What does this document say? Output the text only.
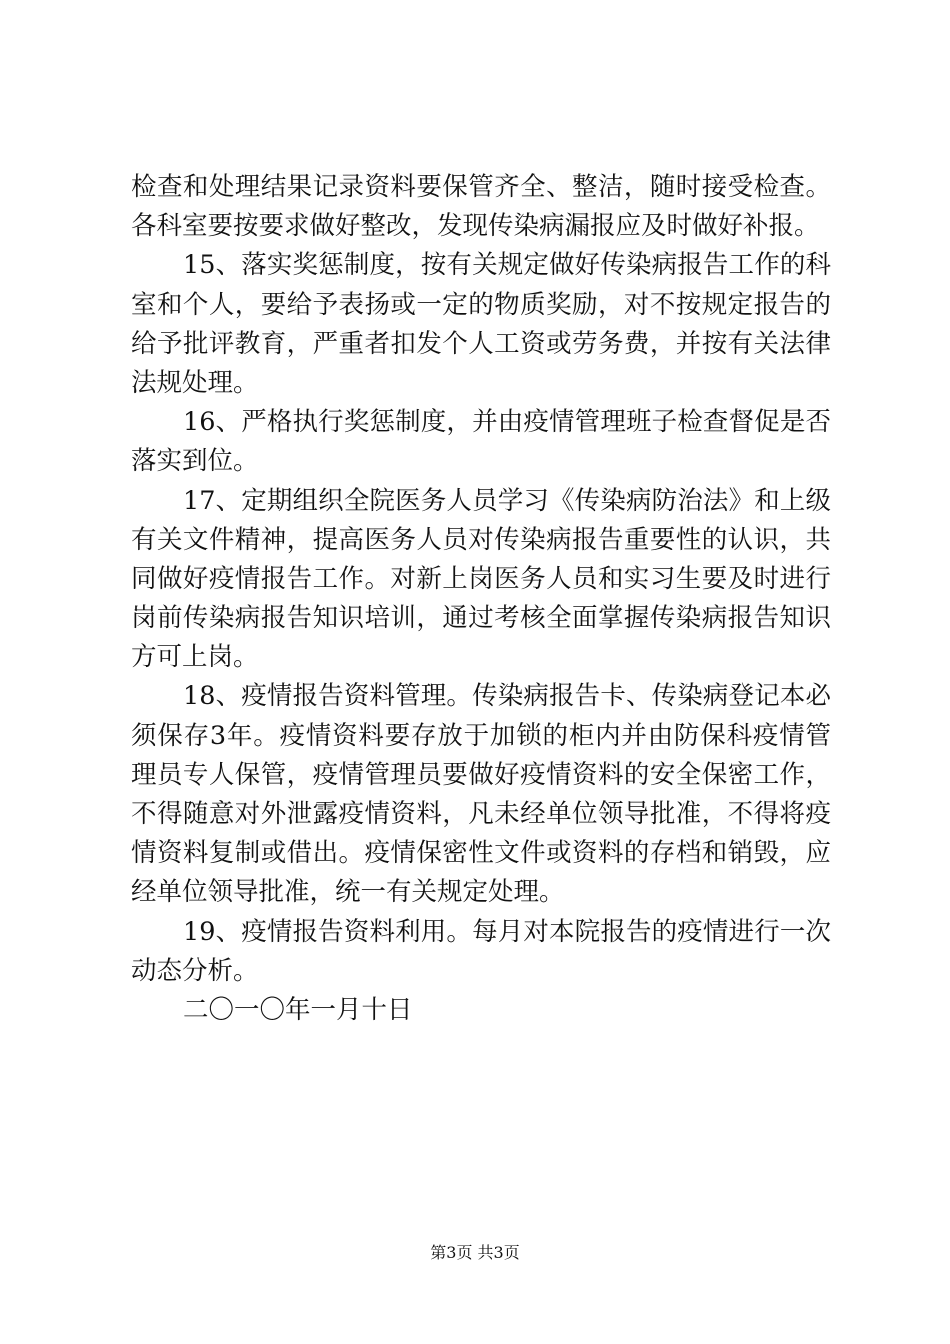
检查和处理结果记录资料要保管齐全、整洁，随时接受检查。
各科室要按要求做好整改，发现传染病漏报应及时做好补报。
15、落实奖惩制度，按有关规定做好传染病报告工作的科
室和个人，要给予表扬或一定的物质奖励，对不按规定报告的
给予批评教育，严重者扣发个人工资或劳务费，并按有关法律
法规处理。
16、严格执行奖惩制度，并由疫情管理班子检查督促是否
落实到位。
17、定期组织全院医务人员学习《传染病防治法》和上级
有关文件精神，提高医务人员对传染病报告重要性的认识，共
同做好疫情报告工作。对新上岗医务人员和实习生要及时进行
岗前传染病报告知识培训，通过考核全面掌握传染病报告知识
方可上岗。
18、疫情报告资料管理。传染病报告卡、传染病登记本必
须保存3年。疫情资料要存放于加锁的柜内并由防保科疫情管
理员专人保管，疫情管理员要做好疫情资料的安全保密工作，
不得随意对外泄露疫情资料，凡未经单位领导批准，不得将疫
情资料复制或借出。疫情保密性文件或资料的存档和销毁，应
经单位领导批准，统一有关规定处理。
19、疫情报告资料利用。每月对本院报告的疫情进行一次
动态分析。
二〇一〇年一月十日
第3页 共3页
